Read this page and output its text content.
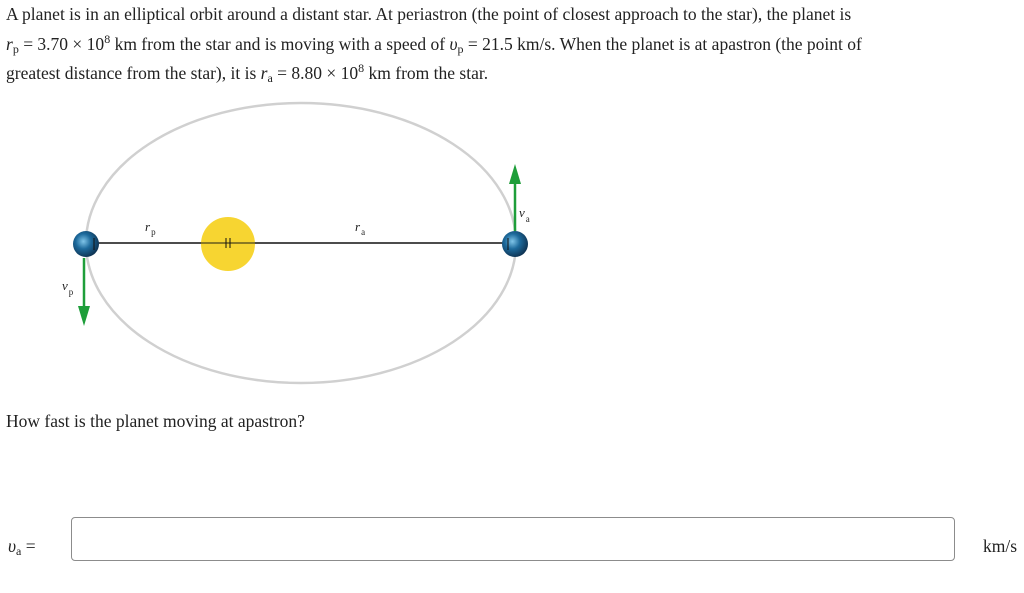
A planet is in an elliptical orbit around a distant star. At periastron (the point of closest approach to the star), the planet is
$r_p = 3.70 \times 10^8$ km from the star and is moving with a speed of $\upsilon_p = 21.5$ km/s. When the planet is at apastron (the point of
greatest distance from the star), it is $r_a = 8.80 \times 10^8$ km from the star.
$r_p$	$r_a$
$v_p$
$v_a$
How fast is the planet moving at apastron?
$\upsilon_a$ =	km/s
